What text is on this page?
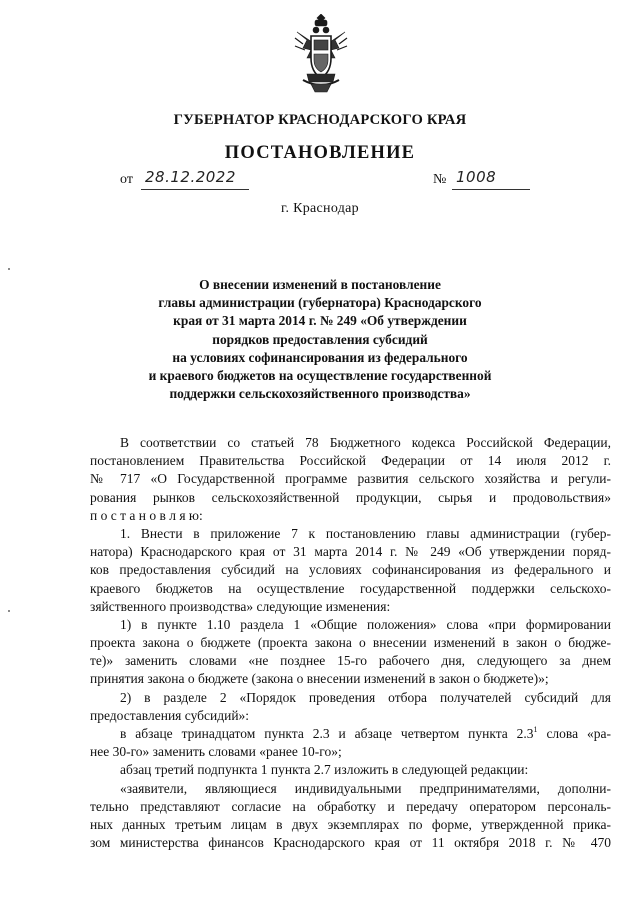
ГУБЕРНАТОР КРАСНОДАРСКОГО КРАЯ
ПОСТАНОВЛЕНИЕ
от 28.12.2022	№ 1008
г. Краснодар
О внесении изменений в постановление
главы администрации (губернатора) Краснодарского
края от 31 марта 2014 г. № 249 «Об утверждении
порядков предоставления субсидий
на условиях софинансирования из федерального
и краевого бюджетов на осуществление государственной
поддержки сельскохозяйственного производства»
В соответствии со статьей 78 Бюджетного кодекса Российской Федерации,
постановлением Правительства Российской Федерации от 14 июля 2012 г.
№ 717 «О Государственной программе развития сельского хозяйства и регули-
рования рынков сельскохозяйственной продукции, сырья и продовольствия»
п о с т а н о в л я ю:
1. Внести в приложение 7 к постановлению главы администрации (губер-
натора) Краснодарского края от 31 марта 2014 г. № 249 «Об утверждении поряд-
ков предоставления субсидий на условиях софинансирования из федерального и
краевого бюджетов на осуществление государственной поддержки сельскохо-
зяйственного производства» следующие изменения:
1) в пункте 1.10 раздела 1 «Общие положения» слова «при формировании
проекта закона о бюджете (проекта закона о внесении изменений в закон о бюдже-
те)» заменить словами «не позднее 15-го рабочего дня, следующего за днем
принятия закона о бюджете (закона о внесении изменений в закон о бюджете)»;
2) в разделе 2 «Порядок проведения отбора получателей субсидий для
предоставления субсидий»:
в абзаце тринадцатом пункта 2.3 и абзаце четвертом пункта $2.3^1$ слова «ра-
нее 30-го» заменить словами «ранее 10-го»;
абзац третий подпункта 1 пункта 2.7 изложить в следующей редакции:
«заявители, являющиеся индивидуальными предпринимателями, дополни-
тельно представляют согласие на обработку и передачу оператором персональ-
ных данных третьим лицам в двух экземплярах по форме, утвержденной прика-
зом министерства финансов Краснодарского края от 11 октября 2018 г. № 470
